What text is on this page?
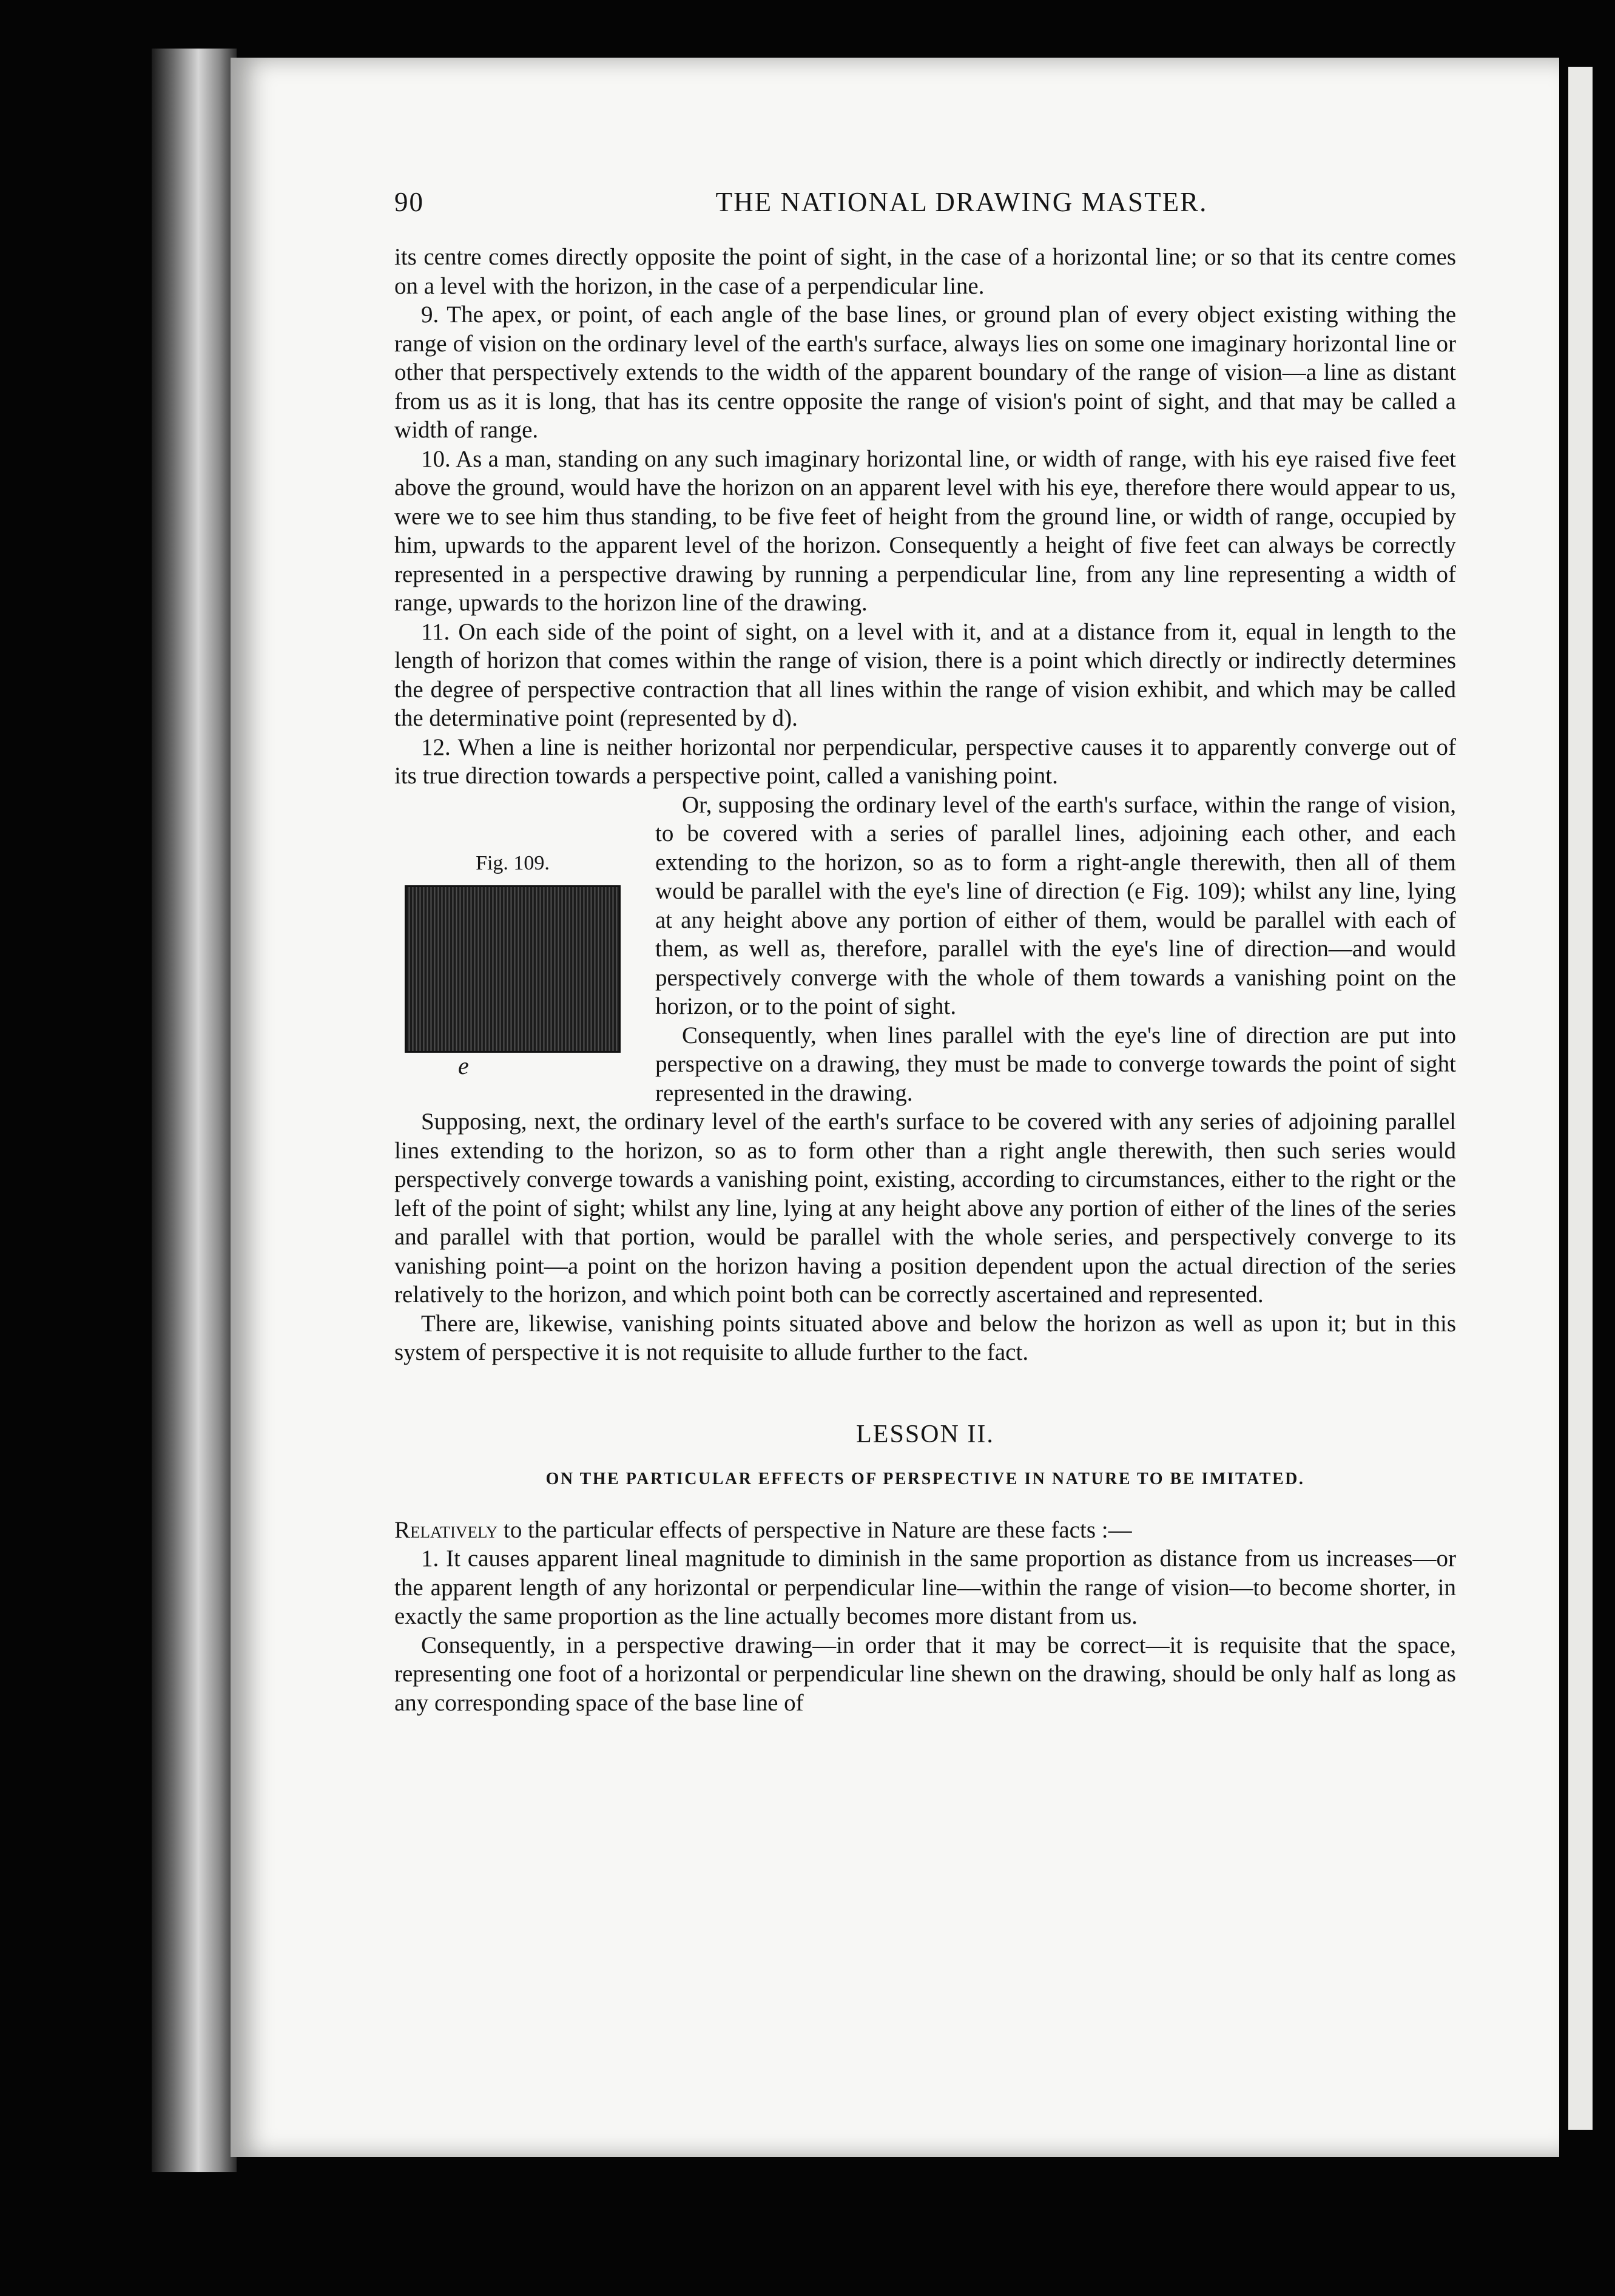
90	THE NATIONAL DRAWING MASTER.

its centre comes directly opposite the point of sight, in the case of a horizontal line; or so that its centre comes on a level with the horizon, in the case of a perpendicular line.

9. The apex, or point, of each angle of the base lines, or ground plan of every object existing withing the range of vision on the ordinary level of the earth's surface, always lies on some one imaginary horizontal line or other that perspectively extends to the width of the apparent boundary of the range of vision—a line as distant from us as it is long, that has its centre opposite the range of vision's point of sight, and that may be called a width of range.

10. As a man, standing on any such imaginary horizontal line, or width of range, with his eye raised five feet above the ground, would have the horizon on an apparent level with his eye, therefore there would appear to us, were we to see him thus standing, to be five feet of height from the ground line, or width of range, occupied by him, upwards to the apparent level of the horizon. Consequently a height of five feet can always be correctly represented in a perspective drawing by running a perpendicular line, from any line representing a width of range, upwards to the horizon line of the drawing.

11. On each side of the point of sight, on a level with it, and at a distance from it, equal in length to the length of horizon that comes within the range of vision, there is a point which directly or indirectly determines the degree of perspective contraction that all lines within the range of vision exhibit, and which may be called the determinative point (represented by d).

12. When a line is neither horizontal nor perpendicular, perspective causes it to apparently converge out of its true direction towards a perspective point, called a vanishing point.

Fig. 109.
e

Or, supposing the ordinary level of the earth's surface, within the range of vision, to be covered with a series of parallel lines, adjoining each other, and each extending to the horizon, so as to form a right-angle therewith, then all of them would be parallel with the eye's line of direction (e Fig. 109); whilst any line, lying at any height above any portion of either of them, would be parallel with each of them, as well as, therefore, parallel with the eye's line of direction—and would perspectively converge with the whole of them towards a vanishing point on the horizon, or to the point of sight.

Consequently, when lines parallel with the eye's line of direction are put into perspective on a drawing, they must be made to converge towards the point of sight represented in the drawing.

Supposing, next, the ordinary level of the earth's surface to be covered with any series of adjoining parallel lines extending to the horizon, so as to form other than a right angle therewith, then such series would perspectively converge towards a vanishing point, existing, according to circumstances, either to the right or the left of the point of sight; whilst any line, lying at any height above any portion of either of the lines of the series and parallel with that portion, would be parallel with the whole series, and perspectively converge to its vanishing point—a point on the horizon having a position dependent upon the actual direction of the series relatively to the horizon, and which point both can be correctly ascertained and represented.

There are, likewise, vanishing points situated above and below the horizon as well as upon it; but in this system of perspective it is not requisite to allude further to the fact.

LESSON II.
ON THE PARTICULAR EFFECTS OF PERSPECTIVE IN NATURE TO BE IMITATED.

Relatively to the particular effects of perspective in Nature are these facts :—

1. It causes apparent lineal magnitude to diminish in the same proportion as distance from us increases—or the apparent length of any horizontal or perpendicular line—within the range of vision—to become shorter, in exactly the same proportion as the line actually becomes more distant from us.

Consequently, in a perspective drawing—in order that it may be correct—it is requisite that the space, representing one foot of a horizontal or perpendicular line shewn on the drawing, should be only half as long as any corresponding space of the base line of
